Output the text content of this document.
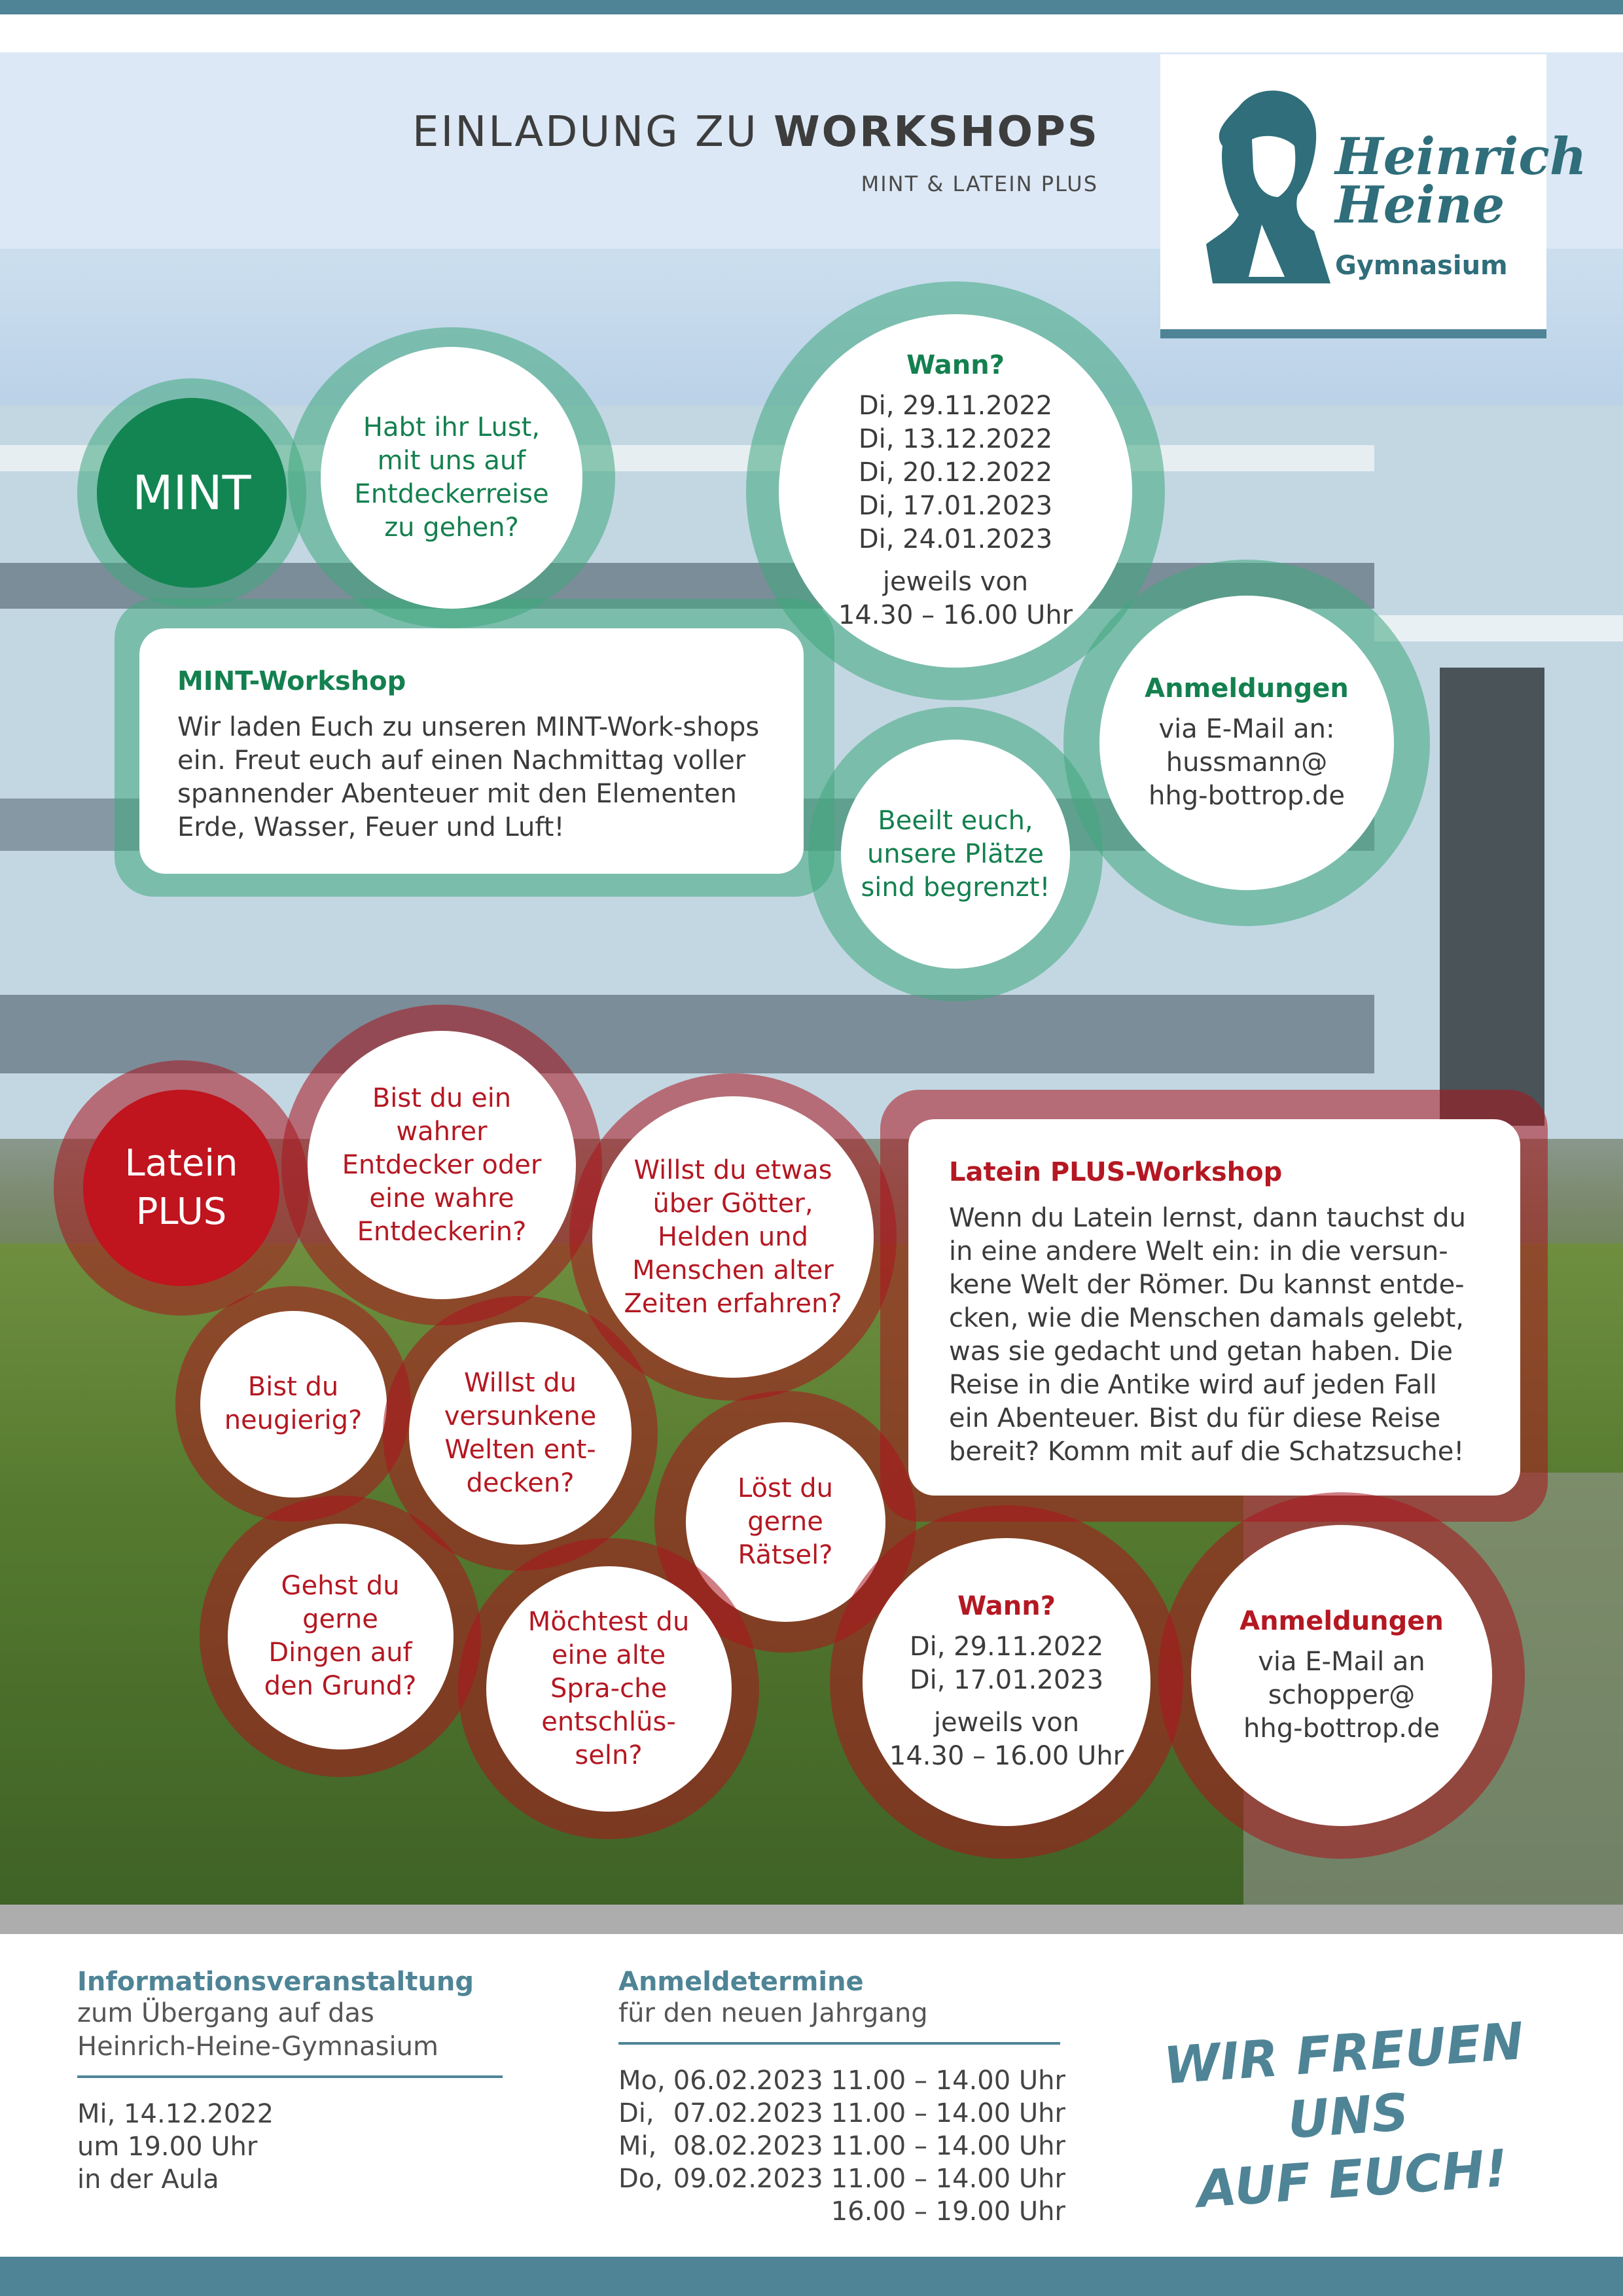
EINLADUNG ZU WORKSHOPS
MINT & LATEIN PLUS	Heinrich
Heine
Gymnasium
MINT
Habt ihr Lust, mit uns auf Entdeckerreise zu gehen?
Wann?
Di, 29.11.2022
Di, 13.12.2022
Di, 20.12.2022
Di, 17.01.2023
Di, 24.01.2023
jeweils von
14.30 – 16.00 Uhr
Anmeldungen
via E-Mail an:
hussmann@
hhg-bottrop.de
Beeilt euch, unsere Plätze sind begrenzt!
MINT-Workshop

Wir laden Euch zu unseren MINT-Work-shops ein. Freut euch auf einen Nachmittag voller spannender Abenteuer mit den Elementen Erde, Wasser, Feuer und Luft!

Latein
PLUS
Bist du ein wahrer Entdecker oder eine wahre Entdeckerin?
Willst du etwas über Götter, Helden und Menschen alter Zeiten erfahren?
Latein PLUS-Workshop

Wenn du Latein lernst, dann tauchst du in eine andere Welt ein: in die versun-kene Welt der Römer. Du kannst entde-cken, wie die Menschen damals gelebt, was sie gedacht und getan haben. Die Reise in die Antike wird auf jeden Fall ein Abenteuer. Bist du für diese Reise bereit? Komm mit auf die Schatzsuche!

Bist du neugierig?
Willst du versunkene Welten ent-decken?	Löst du gerne Rätsel?
Gehst du gerne Dingen auf den Grund?
Möchtest du eine alte Spra-che entschlüs-seln?
Wann?
Di, 29.11.2022
Di, 17.01.2023
jeweils von
14.30 – 16.00 Uhr
Anmeldungen
via E-Mail an
schopper@
hhg-bottrop.de
Informationsveranstaltung
zum Übergang auf das
Heinrich-Heine-Gymnasium
Mi, 14.12.2022
um 19.00 Uhr
in der Aula
Anmeldetermine
für den neuen Jahrgang
Mo,	06.02.2023	11.00 – 14.00 Uhr
Di,	07.02.2023	11.00 – 14.00 Uhr
Mi,	08.02.2023	11.00 – 14.00 Uhr
Do,	09.02.2023	11.00 – 14.00 Uhr
		16.00 – 19.00 Uhr
WIR FREUEN UNS
AUF EUCH!
